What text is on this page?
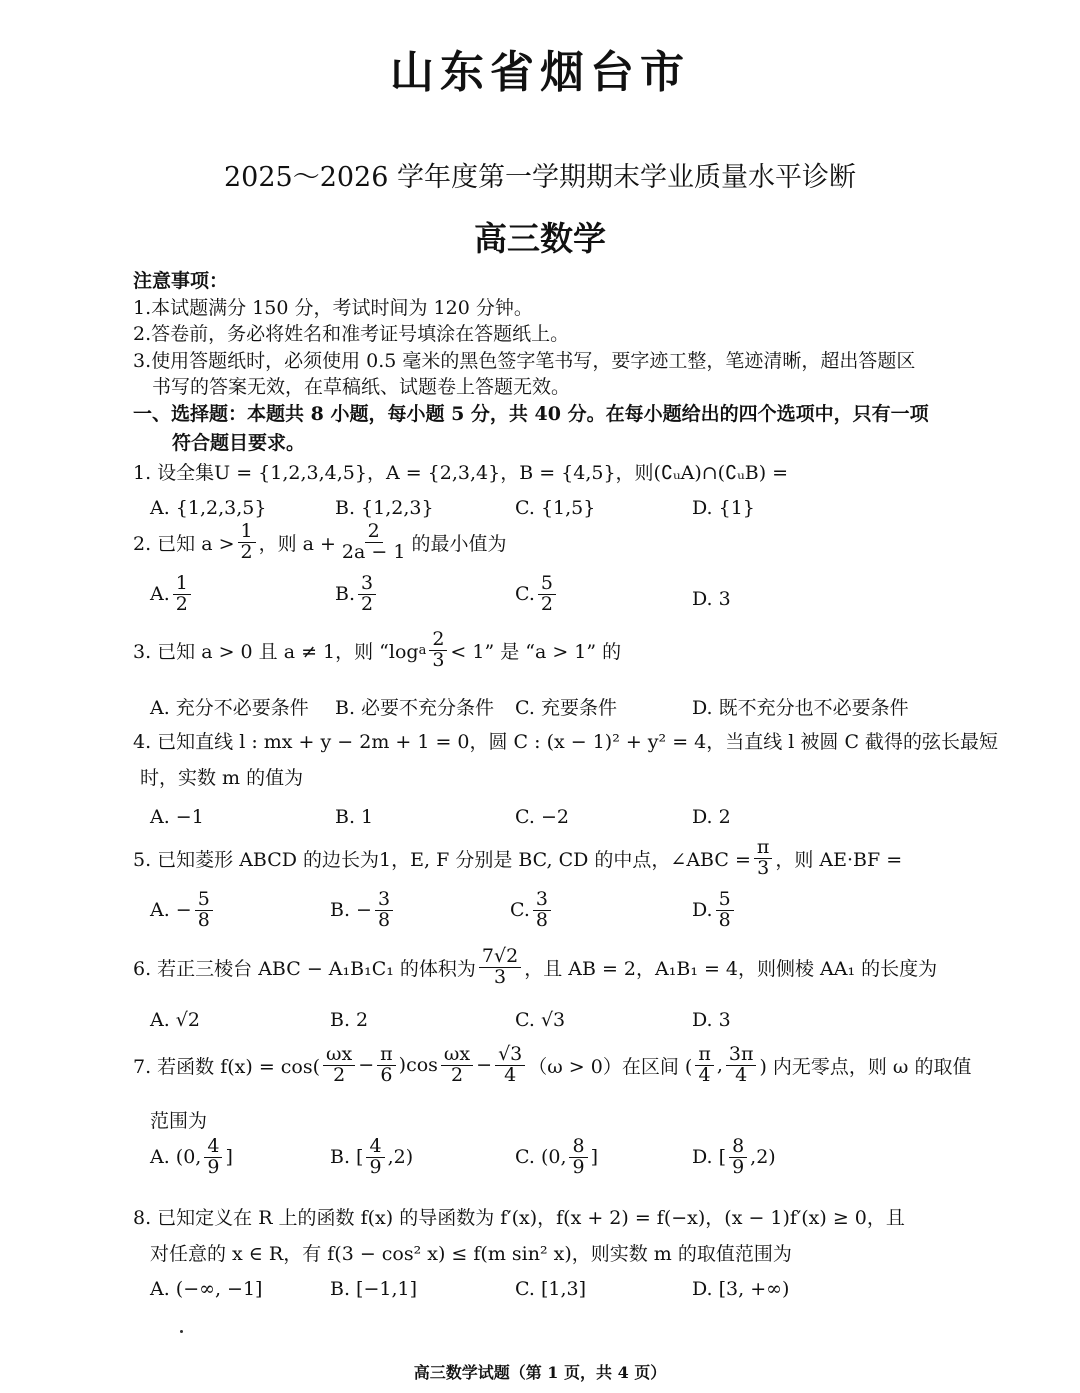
山东省烟台市
2025～2026 学年度第一学期期末学业质量水平诊断
高三数学
注意事项：
1.本试题满分 150 分，考试时间为 120 分钟。
2.答卷前，务必将姓名和准考证号填涂在答题纸上。
3.使用答题纸时，必须使用 0.5 毫米的黑色签字笔书写，要字迹工整，笔迹清晰，超出答题区
书写的答案无效，在草稿纸、试题卷上答题无效。
一、选择题：本题共 8 小题，每小题 5 分，共 40 分。在每小题给出的四个选项中，只有一项
符合题目要求。
1. 设全集U = {1,2,3,4,5}，A = {2,3,4}，B = {4,5}，则(∁ᵤA)∩(∁ᵤB) =
A. {1,2,3,5}	B. {1,2,3}	C. {1,5}	D. {1}
2. 已知 $a > \frac{1}{2}$ ，则 $a + \frac{2}{2a - 1}$ 的最小值为
A. $\frac{1}{2}$	B. $\frac{3}{2}$	C. $\frac{5}{2}$	D. 3
3. 已知 a > 0 且 a ≠ 1，则 “log a $\frac{2}{3} < 1$” 是 “a > 1” 的
A. 充分不必要条件 B. 必要不充分条件 C. 充要条件	D. 既不充分也不必要条件
4. 已知直线 l : mx + y − 2m + 1 = 0，圆 C : (x − 1)² + y² = 4，当直线 l 被圆 C 截得的弦长最短
时，实数 m 的值为
A. −1	B. 1	C. −2	D. 2
5. 已知菱形 ABCD 的边长为1，E, F 分别是 BC, CD 的中点，∠ABC = $\frac{\pi}{3}$ ，则 AE·BF =
A. − $\frac{5}{8}$	B. − $\frac{3}{8}$	C. $\frac{3}{8}$	D. $\frac{5}{8}$
6. 若正三棱台 ABC − A₁B₁C₁ 的体积为 $\frac{7√2}{3}$ ，且 AB = 2，A₁B₁ = 4，则侧棱 AA₁ 的长度为
A. √2	B. 2	C. √3	D. 3
7. 若函数 $f(x) = \cos( \frac{\omega x}{2} - \frac{\pi}{6} )\cos \frac{\omega x}{2} - \frac{√3}{4} (\omega > 0)$在区间 ( $\frac{\pi}{4}$ , $\frac{3\pi}{4}$ ) 内无零点，则 ω 的取值
范围为
A. (0, $\frac{4}{9}$ ]	B. [ $\frac{4}{9} ,2$)	C. (0, $\frac{8}{9}$ ]	D. [ $\frac{8}{9} ,2$)
8. 已知定义在 R 上的函数 f(x) 的导函数为 f′(x)，f(x + 2) = f(−x)，(x − 1)f′(x) ≥ 0，且
对任意的 x ∈ R，有 f(3 − cos² x) ≤ f(m sin² x)，则实数 m 的取值范围为
A. (−∞, −1]	B. [−1,1]	C. [1,3]	D. [3, +∞)
高三数学试题（第 1 页，共 4 页）
